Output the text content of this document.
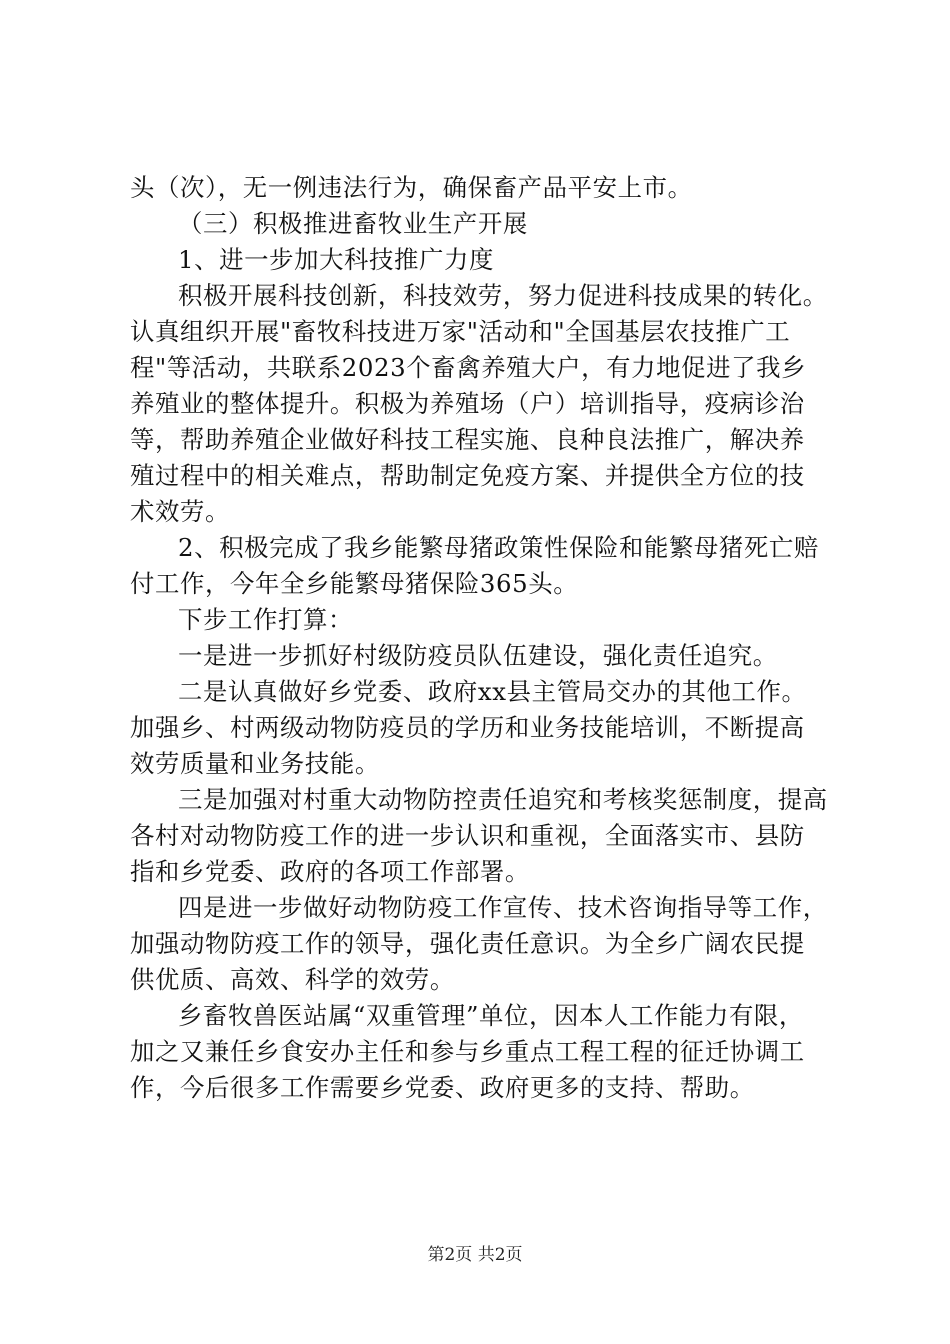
头（次），无一例违法行为，确保畜产品平安上市。
（三）积极推进畜牧业生产开展
1、进一步加大科技推广力度
积极开展科技创新，科技效劳，努力促进科技成果的转化。
认真组织开展"畜牧科技进万家"活动和"全国基层农技推广工
程"等活动，共联系2023个畜禽养殖大户，有力地促进了我乡
养殖业的整体提升。积极为养殖场（户）培训指导，疫病诊治
等，帮助养殖企业做好科技工程实施、良种良法推广，解决养
殖过程中的相关难点，帮助制定免疫方案、并提供全方位的技
术效劳。
2、积极完成了我乡能繁母猪政策性保险和能繁母猪死亡赔
付工作，今年全乡能繁母猪保险365头。
下步工作打算：
一是进一步抓好村级防疫员队伍建设，强化责任追究。
二是认真做好乡党委、政府xx县主管局交办的其他工作。
加强乡、村两级动物防疫员的学历和业务技能培训，不断提高
效劳质量和业务技能。
三是加强对村重大动物防控责任追究和考核奖惩制度，提高
各村对动物防疫工作的进一步认识和重视，全面落实市、县防
指和乡党委、政府的各项工作部署。
四是进一步做好动物防疫工作宣传、技术咨询指导等工作，
加强动物防疫工作的领导，强化责任意识。为全乡广阔农民提
供优质、高效、科学的效劳。
乡畜牧兽医站属“双重管理”单位，因本人工作能力有限，
加之又兼任乡食安办主任和参与乡重点工程工程的征迁协调工
作，今后很多工作需要乡党委、政府更多的支持、帮助。
第2页 共2页
